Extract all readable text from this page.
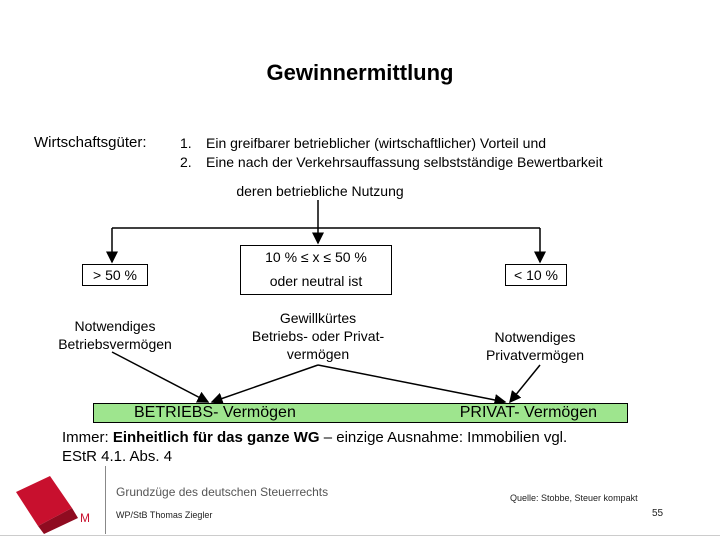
M
Gewinnermittlung
Wirtschaftsgüter: 1. Ein greifbarer betrieblicher (wirtschaftlicher) Vorteil und
2. Eine nach der Verkehrsauffassung selbstständige Bewertbarkeit
deren betriebliche Nutzung
> 50 %
10 % ≤ x ≤ 50 %
oder neutral ist	< 10 %
Notwendiges
Betriebsvermögen
Gewillkürtes
Betriebs- oder Privat-
vermögen
Notwendiges
Privatvermögen
BETRIEBS- Vermögen	PRIVAT- Vermögen
Immer: Einheitlich für das ganze WG – einzige Ausnahme: Immobilien vgl.
EStR 4.1. Abs. 4
Grundzüge des deutschen Steuerrechts
WP/StB Thomas Ziegler
Quelle: Stobbe, Steuer kompakt
55
